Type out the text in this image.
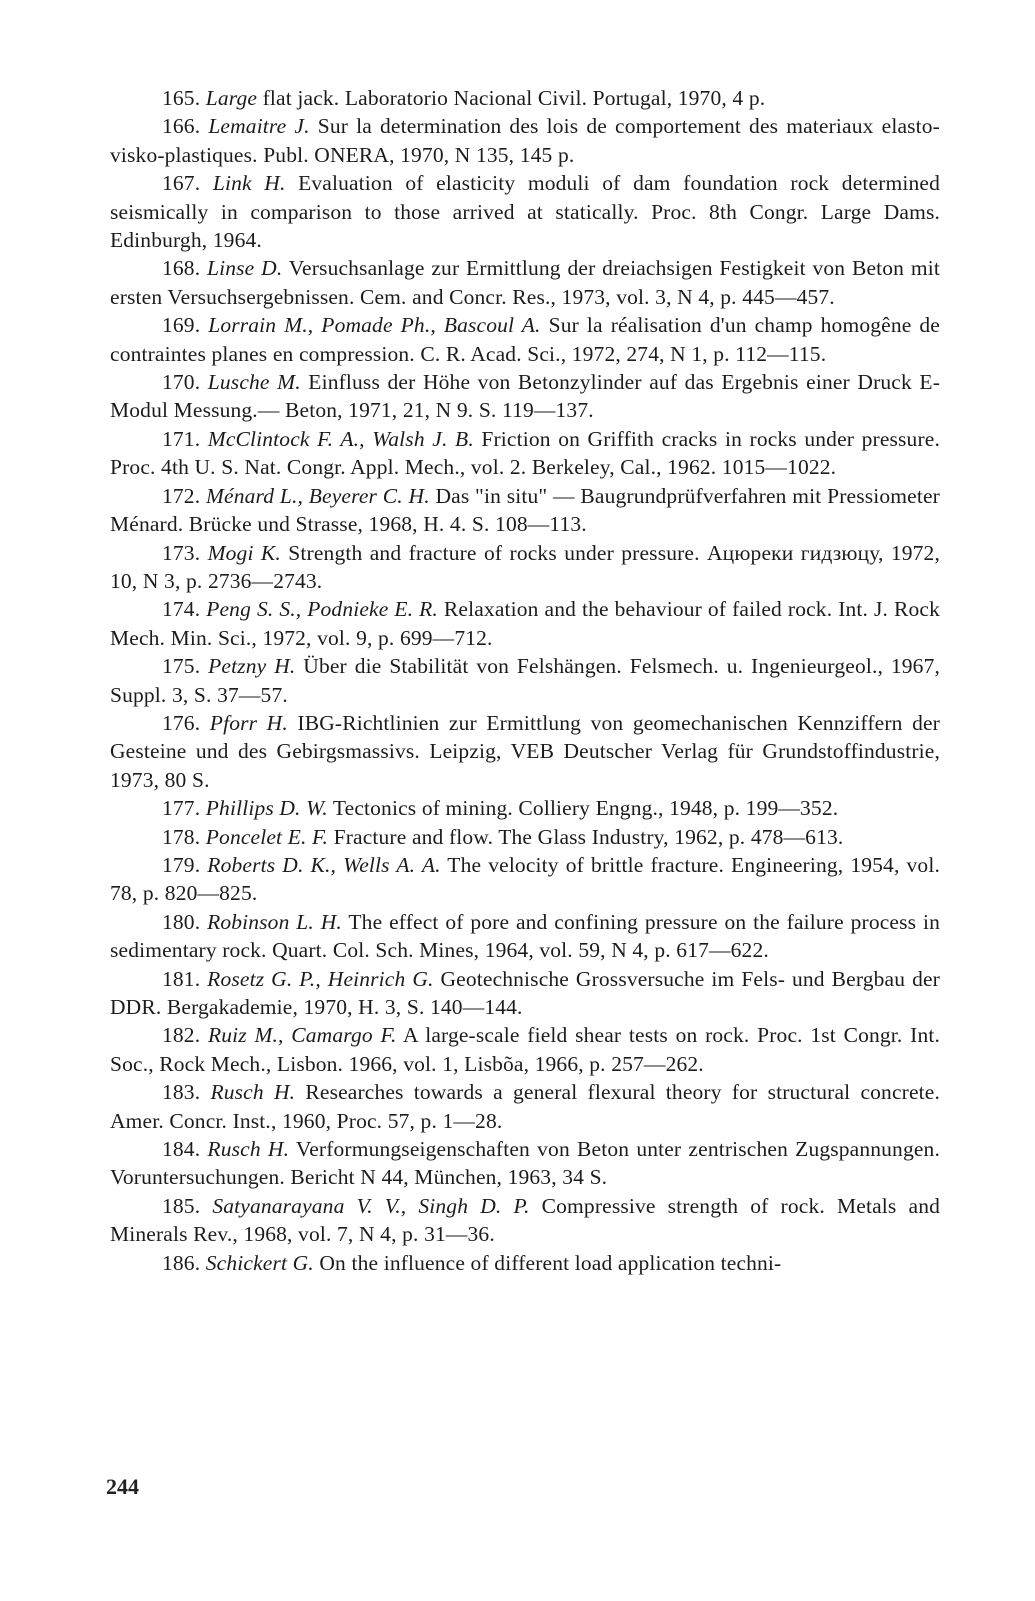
165. Large flat jack. Laboratorio Nacional Civil. Portugal, 1970, 4 p.

166. Lemaitre J. Sur la determination des lois de comportement des materiaux elasto-visko-plastiques. Publ. ONERA, 1970, N 135, 145 p.

167. Link H. Evaluation of elasticity moduli of dam foundation rock determined seismically in comparison to those arrived at statically. Proc. 8th Congr. Large Dams. Edinburgh, 1964.

168. Linse D. Versuchsanlage zur Ermittlung der dreiachsigen Festigkeit von Beton mit ersten Versuchsergebnissen. Cem. and Concr. Res., 1973, vol. 3, N 4, p. 445—457.

169. Lorrain M., Pomade Ph., Bascoul A. Sur la réalisation d'un champ homogêne de contraintes planes en compression. C. R. Acad. Sci., 1972, 274, N 1, p. 112—115.

170. Lusche M. Einfluss der Höhe von Betonzylinder auf das Ergebnis einer Druck E-Modul Messung.— Beton, 1971, 21, N 9. S. 119—137.

171. McClintock F. A., Walsh J. B. Friction on Griffith cracks in rocks under pressure. Proc. 4th U. S. Nat. Congr. Appl. Mech., vol. 2. Berkeley, Cal., 1962. 1015—1022.

172. Ménard L., Beyerer C. H. Das "in situ" — Baugrundprüfverfahren mit Pressiometer Ménard. Brücke und Strasse, 1968, H. 4. S. 108—113.

173. Mogi K. Strength and fracture of rocks under pressure. Ацюреки гидзюцу, 1972, 10, N 3, p. 2736—2743.

174. Peng S. S., Podnieke E. R. Relaxation and the behaviour of failed rock. Int. J. Rock Mech. Min. Sci., 1972, vol. 9, p. 699—712.

175. Petzny H. Über die Stabilität von Felshängen. Felsmech. u. Ingenieurgeol., 1967, Suppl. 3, S. 37—57.

176. Pforr H. IBG-Richtlinien zur Ermittlung von geomechanischen Kennziffern der Gesteine und des Gebirgsmassivs. Leipzig, VEB Deutscher Verlag für Grundstoffindustrie, 1973, 80 S.

177. Phillips D. W. Tectonics of mining. Colliery Engng., 1948, p. 199—352.

178. Poncelet E. F. Fracture and flow. The Glass Industry, 1962, p. 478—613.

179. Roberts D. K., Wells A. A. The velocity of brittle fracture. Engineering, 1954, vol. 78, p. 820—825.

180. Robinson L. H. The effect of pore and confining pressure on the failure process in sedimentary rock. Quart. Col. Sch. Mines, 1964, vol. 59, N 4, p. 617—622.

181. Rosetz G. P., Heinrich G. Geotechnische Grossversuche im Fels- und Bergbau der DDR. Bergakademie, 1970, H. 3, S. 140—144.

182. Ruiz M., Camargo F. A large-scale field shear tests on rock. Proc. 1st Congr. Int. Soc., Rock Mech., Lisbon. 1966, vol. 1, Lisbõa, 1966, p. 257—262.

183. Rusch H. Researches towards a general flexural theory for structural concrete. Amer. Concr. Inst., 1960, Proc. 57, p. 1—28.

184. Rusch H. Verformungseigenschaften von Beton unter zentrischen Zugspannungen. Voruntersuchungen. Bericht N 44, München, 1963, 34 S.

185. Satyanarayana V. V., Singh D. P. Compressive strength of rock. Metals and Minerals Rev., 1968, vol. 7, N 4, p. 31—36.

186. Schickert G. On the influence of different load application techni-

244
